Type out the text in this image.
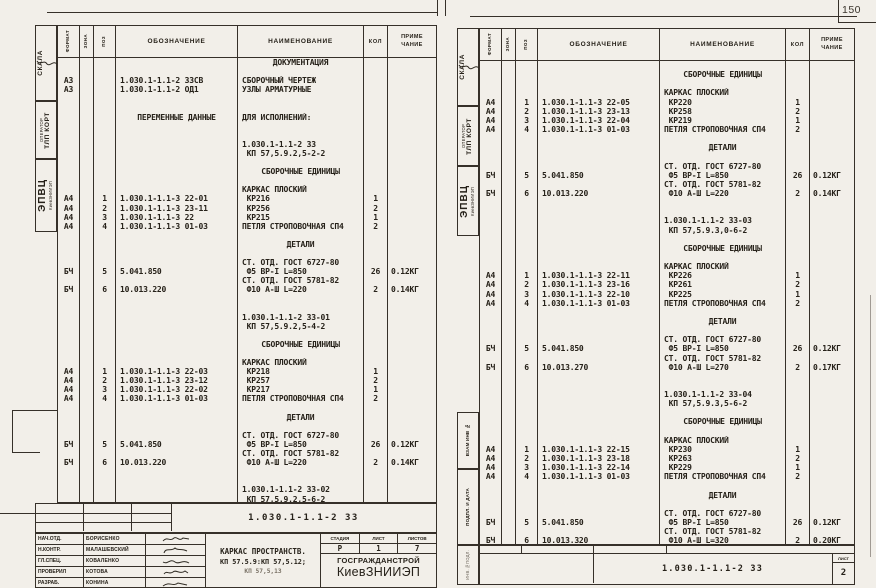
150
СКАЛА
ОПЕРАТОР ТЛП КОРТ
ЭПВЦ КиевЗНИИЭП
ФОРМАТ	ЗОНА	ПОЗ	ОБОЗНАЧЕНИЕ	НАИМЕНОВАНИЕ	КОЛ
ПРИМЕ
ЧАНИЕ
ДОКУМЕНТАЦИЯ
А3	1.030.1-1.1-2 33СВ	СБОРОЧНЫЙ ЧЕРТЕЖ
А3	1.030.1-1.1-2 ОД1	УЗЛЫ АРМАТУРНЫЕ
ПЕРЕМЕННЫЕ ДАННЫЕ	ДЛЯ ИСПОЛНЕНИЙ:
1.030.1-1.1-2 33
КП 57,5.9.2,5-2-2
СБОРОЧНЫЕ ЕДИНИЦЫ
КАРКАС ПЛОСКИЙ
А4	1	1.030.1-1.1-3 22-01	КР216	1
А4	2	1.030.1-1.1-3 23-11	КР256	2
А4	3	1.030.1-1.1-3 22	КР215	1
А4	4	1.030.1-1.1-3 01-03	ПЕТЛЯ СТРОПОВОЧНАЯ СП4	2
ДЕТАЛИ
СТ. ОТД. ГОСТ 6727-80
БЧ	5	5.041.850	Ф5 ВР-I L=850	26	0.12КГ
СТ. ОТД. ГОСТ 5781-82
БЧ	6	10.013.220	Ф10 А-Ш L=220	2	0.14КГ
1.030.1-1.1-2 33-01
КП 57,5.9.2,5-4-2
СБОРОЧНЫЕ ЕДИНИЦЫ
КАРКАС ПЛОСКИЙ
А4	1	1.030.1-1.1-3 22-03	КР218	1
А4	2	1.030.1-1.1-3 23-12	КР257	2
А4	3	1.030.1-1.1-3 22-02	КР217	1
А4	4	1.030.1-1.1-3 01-03	ПЕТЛЯ СТРОПОВОЧНАЯ СП4	2
ДЕТАЛИ
СТ. ОТД. ГОСТ 6727-80
БЧ	5	5.041.850	Ф5 ВР-I L=850	26	0.12КГ
СТ. ОТД. ГОСТ 5781-82
БЧ	6	10.013.220	Ф10 А-Ш L=220	2	0.14КГ
1.030.1-1.1-2 33-02
КП 57,5.9.2,5-6-2
1.030.1-1.1-2 33
НАЧ.ОТД.	БОРИСЕНКО
Н.КОНТР.	МАЛАШЕВСКИЙ
ГЛ.СПЕЦ.	КОВАЛЕНКО
ПРОВЕРИЛ	КОТОВА
РАЗРАБ.	КОНИНА
КАРКАС ПРОСТРАНСТВ.
КП 57.5.9:КП 57,5.12;
КП 57,5,13
СТАДИЯ	ЛИСТ	ЛИСТОВ
Р	1	7
ГОСГРАЖДАНСТРОЙ
КиевЗНИИЭП
СКАЛА
ОПЕРАТОР ТЛП КОРТ
ЭПВЦ КиевЗНИИЭП
ВЗАМ ИНВ №
ПОДПЛ. И ДАТА
ИНВ.№ПОДЛ.
ФОРМАТ	ЗОНА	ПОЗ	ОБОЗНАЧЕНИЕ	НАИМЕНОВАНИЕ	КОЛ
ПРИМЕ
ЧАНИЕ
СБОРОЧНЫЕ ЕДИНИЦЫ
КАРКАС ПЛОСКИЙ
А4	1	1.030.1-1.1-3 22-05	КР220	1
А4	2	1.030.1-1.1-3 23-13	КР258	2
А4	3	1.030.1-1.1-3 22-04	КР219	1
А4	4	1.030.1-1.1-3 01-03	ПЕТЛЯ СТРОПОВОЧНАЯ СП4	2
ДЕТАЛИ
СТ. ОТД. ГОСТ 6727-80
БЧ	5	5.041.850	Ф5 ВР-I L=850	26	0.12КГ
СТ. ОТД. ГОСТ 5781-82
БЧ	6	10.013.220	Ф10 А-Ш L=220	2	0.14КГ
1.030.1-1.1-2 33-03
КП 57,5.9.3,0-6-2
СБОРОЧНЫЕ ЕДИНИЦЫ
КАРКАС ПЛОСКИЙ
А4	1	1.030.1-1.1-3 22-11	КР226	1
А4	2	1.030.1-1.1-3 23-16	КР261	2
А4	3	1.030.1-1.1-3 22-10	КР225	1
А4	4	1.030.1-1.1-3 01-03	ПЕТЛЯ СТРОПОВОЧНАЯ СП4	2
ДЕТАЛИ
СТ. ОТД. ГОСТ 6727-80
БЧ	5	5.041.850	Ф5 ВР-I L=850	26	0.12КГ
СТ. ОТД. ГОСТ 5781-82
БЧ	6	10.013.270	Ф10 А-Ш L=270	2	0.17КГ
1.030.1-1.1-2 33-04
КП 57,5.9.3,5-6-2
СБОРОЧНЫЕ ЕДИНИЦЫ
КАРКАС ПЛОСКИЙ
А4	1	1.030.1-1.1-3 22-15	КР230	1
А4	2	1.030.1-1.1-3 23-18	КР263	2
А4	3	1.030.1-1.1-3 22-14	КР229	1
А4	4	1.030.1-1.1-3 01-03	ПЕТЛЯ СТРОПОВОЧНАЯ СП4	2
ДЕТАЛИ
СТ. ОТД. ГОСТ 6727-80
БЧ	5	5.041.850	Ф5 ВР-I L=850	26	0.12КГ
СТ. ОТД. ГОСТ 5781-82
БЧ	6	10.013.320	Ф10 А-Ш L=320	2	0.20КГ
1.030.1-1.1-2 33
ЛИСТ
2
